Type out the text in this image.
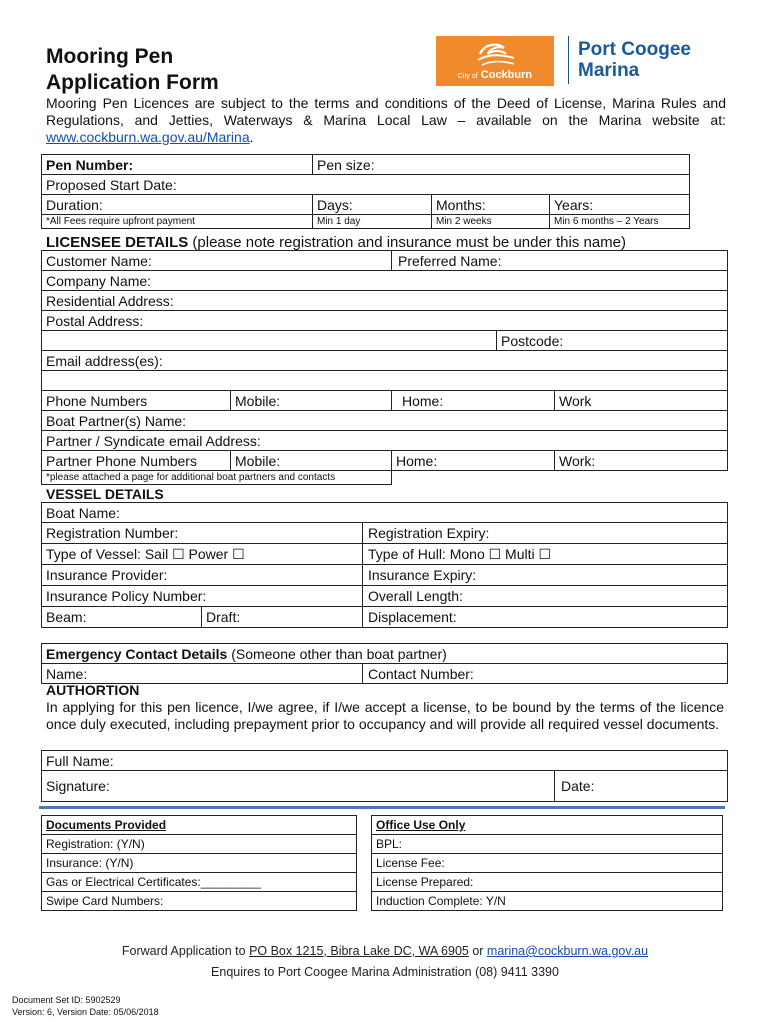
Mooring Pen
Application Form	City of Cockburn
Port Coogee
Marina
Mooring Pen Licences are subject to the terms and conditions of the Deed of License, Marina Rules and Regulations, and Jetties, Waterways & Marina Local Law – available on the Marina website at: www.cockburn.wa.gov.au/Marina.
Pen Number:	Pen size:		
Proposed Start Date:			
Duration:	Days:	Months:	Years:
*All Fees require upfront payment	Min 1 day	Min 2 weeks	Min 6 months – 2 Years
LICENSEE DETAILS (please note registration and insurance must be under this name)
Customer Name:		Preferred Name:		
Company Name:				
Residential Address:				
Postal Address:				
			Postcode:	
Email address(es):				

Phone Numbers	Mobile:	Home:		Work
Boat Partner(s) Name:				
Partner / Syndicate email Address:				
Partner Phone Numbers	Mobile:	Home:		Work:
*please attached a page for additional boat partners and contacts				
VESSEL DETAILS
Boat Name:		
Registration Number:		Registration Expiry:
Type of Vessel: Sail ☐ Power ☐		Type of Hull: Mono ☐ Multi ☐
Insurance Provider:		Insurance Expiry:
Insurance Policy Number:		Overall Length:
Beam:	Draft:	Displacement:
Emergency Contact Details (Someone other than boat partner)
Name:	Contact Number:
AUTHORTION
In applying for this pen licence, I/we agree, if I/we accept a license, to be bound by the terms of the licence once duly executed, including prepayment prior to occupancy and will provide all required vessel documents.
Full Name:
Signature:	Date:
Documents Provided
Registration: (Y/N)
Insurance: (Y/N)
Gas or Electrical Certificates:_________
Swipe Card Numbers:
Office Use Only
BPL:
License Fee:
License Prepared:
Induction Complete: Y/N
Forward Application to PO Box 1215, Bibra Lake DC, WA 6905 or marina@cockburn.wa.gov.au
Enquires to Port Coogee Marina Administration (08) 9411 3390
Document Set ID: 5902529
Version: 6, Version Date: 05/06/2018
